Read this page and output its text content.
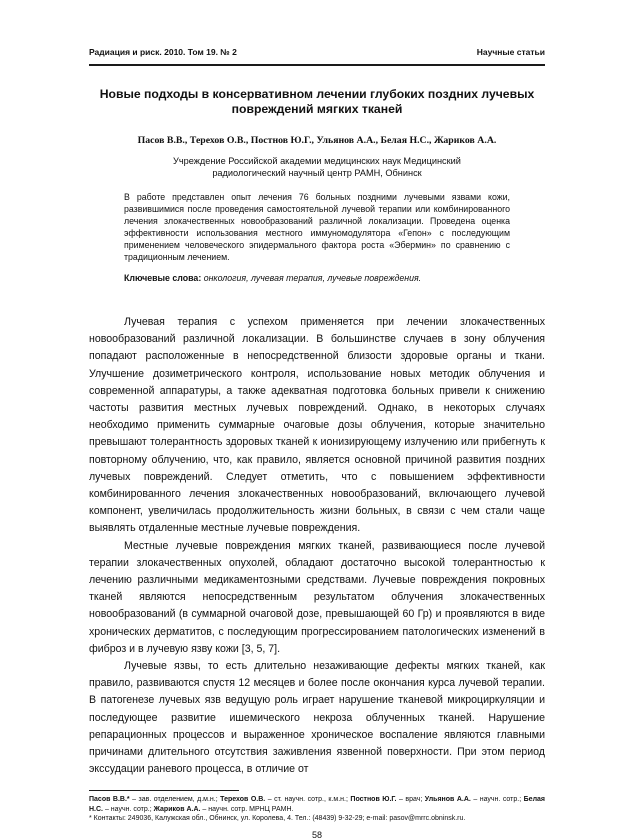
Радиация и риск. 2010. Том 19. № 2	Научные статьи
Новые подходы в консервативном лечении глубоких поздних лучевых повреждений мягких тканей
Пасов В.В., Терехов О.В., Постнов Ю.Г., Ульянов А.А., Белая Н.С., Жариков А.А.
Учреждение Российской академии медицинских наук Медицинский радиологический научный центр РАМН, Обнинск
В работе представлен опыт лечения 76 больных поздними лучевыми язвами кожи, развившимися после проведения самостоятельной лучевой терапии или комбинированного лечения злокачественных новообразований различной локализации. Проведена оценка эффективности использования местного иммуномодулятора «Гепон» с последующим применением человеческого эпидермального фактора роста «Эбермин» по сравнению с традиционным лечением.
Ключевые слова: онкология, лучевая терапия, лучевые повреждения.

Лучевая терапия с успехом применяется при лечении злокачественных новообразований различной локализации. В большинстве случаев в зону облучения попадают расположенные в непосредственной близости здоровые органы и ткани. Улучшение дозиметрического контроля, использование новых методик облучения и современной аппаратуры, а также адекватная подготовка больных привели к снижению частоты развития местных лучевых повреждений. Однако, в некоторых случаях необходимо применить суммарные очаговые дозы облучения, которые значительно превышают толерантность здоровых тканей к ионизирующему излучению или прибегнуть к повторному облучению, что, как правило, является основной причиной развития поздних лучевых повреждений. Следует отметить, что с повышением эффективности комбинированного лечения злокачественных новообразований, включающего лучевой компонент, увеличилась продолжительность жизни больных, в связи с чем стали чаще выявлять отдаленные местные лучевые повреждения.

Местные лучевые повреждения мягких тканей, развивающиеся после лучевой терапии злокачественных опухолей, обладают достаточно высокой толерантностью к лечению различными медикаментозными средствами. Лучевые повреждения покровных тканей являются непосредственным результатом облучения злокачественных новообразований (в суммарной очаговой дозе, превышающей 60 Гр) и проявляются в виде хронических дерматитов, с последующим прогрессированием патологических изменений в фиброз и в лучевую язву кожи [3, 5, 7].

Лучевые язвы, то есть длительно незаживающие дефекты мягких тканей, как правило, развиваются спустя 12 месяцев и более после окончания курса лучевой терапии. В патогенезе лучевых язв ведущую роль играет нарушение тканевой микроциркуляции и последующее развитие ишемического некроза облученных тканей. Нарушение репарационных процессов и выраженное хроническое воспаление являются главными причинами длительного отсутствия заживления язвенной поверхности. При этом период экссудации раневого процесса, в отличие от

Пасов В.В.* – зав. отделением, д.м.н.; Терехов О.В. – ст. научн. сотр., к.м.н.; Постнов Ю.Г. – врач; Ульянов А.А. – научн. сотр.; Белая Н.С. – научн. сотр.; Жариков А.А. – научн. сотр. МРНЦ РАМН.
* Контакты: 249036, Калужская обл., Обнинск, ул. Королева, 4. Тел.: (48439) 9-32-29; e-mail: pasov@mrrc.obninsk.ru.
58
